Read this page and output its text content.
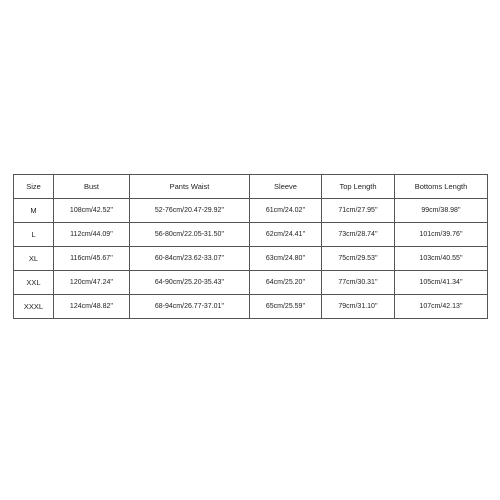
Size	Bust	Pants Waist	Sleeve	Top Length	Bottoms Length
M	108cm/42.52''	52-76cm/20.47-29.92''	61cm/24.02''	71cm/27.95''	99cm/38.98''
L	112cm/44.09''	56-80cm/22.05-31.50''	62cm/24.41''	73cm/28.74''	101cm/39.76''
XL	116cm/45.67''	60-84cm/23.62-33.07''	63cm/24.80''	75cm/29.53''	103cm/40.55''
XXL	120cm/47.24''	64-90cm/25.20-35.43''	64cm/25.20''	77cm/30.31''	105cm/41.34''
XXXL	124cm/48.82''	68-94cm/26.77-37.01''	65cm/25.59''	79cm/31.10''	107cm/42.13''
